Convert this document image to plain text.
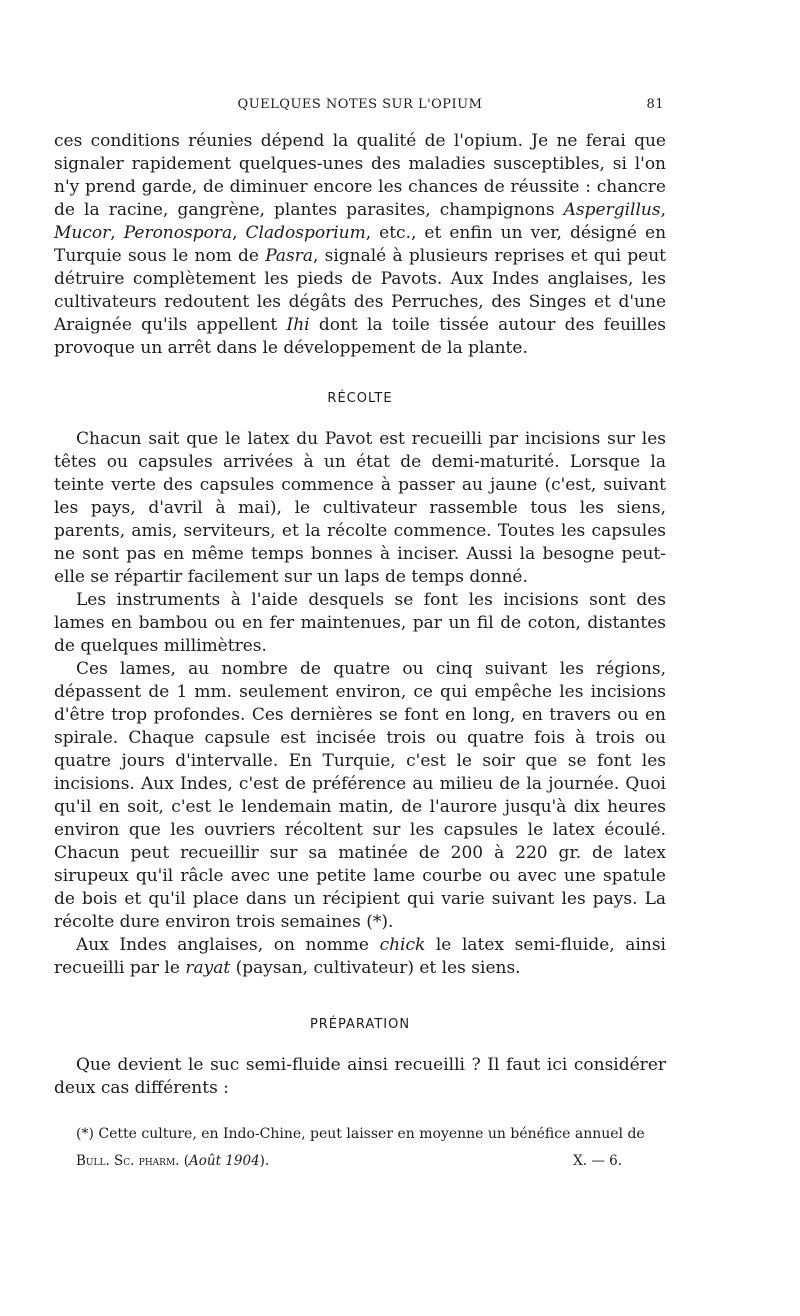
QUELQUES NOTES SUR L'OPIUM	81

ces conditions réunies dépend la qualité de l'opium. Je ne ferai que signaler rapidement quelques-unes des maladies susceptibles, si l'on n'y prend garde, de diminuer encore les chances de réussite : chancre de la racine, gangrène, plantes parasites, champignons Aspergillus, Mucor, Peronospora, Cladosporium, etc., et enfin un ver, désigné en Turquie sous le nom de Pasra, signalé à plusieurs reprises et qui peut détruire complètement les pieds de Pavots. Aux Indes anglaises, les cultivateurs redoutent les dégâts des Perruches, des Singes et d'une Araignée qu'ils appellent Ihi dont la toile tissée autour des feuilles provoque un arrêt dans le développement de la plante.

RÉCOLTE

Chacun sait que le latex du Pavot est recueilli par incisions sur les têtes ou capsules arrivées à un état de demi-maturité. Lorsque la teinte verte des capsules commence à passer au jaune (c'est, suivant les pays, d'avril à mai), le cultivateur rassemble tous les siens, parents, amis, serviteurs, et la récolte commence. Toutes les capsules ne sont pas en même temps bonnes à inciser. Aussi la besogne peut-elle se répartir facilement sur un laps de temps donné.

Les instruments à l'aide desquels se font les incisions sont des lames en bambou ou en fer maintenues, par un fil de coton, distantes de quelques millimètres.

Ces lames, au nombre de quatre ou cinq suivant les régions, dépassent de 1 mm. seulement environ, ce qui empêche les incisions d'être trop profondes. Ces dernières se font en long, en travers ou en spirale. Chaque capsule est incisée trois ou quatre fois à trois ou quatre jours d'intervalle. En Turquie, c'est le soir que se font les incisions. Aux Indes, c'est de préférence au milieu de la journée. Quoi qu'il en soit, c'est le lendemain matin, de l'aurore jusqu'à dix heures environ que les ouvriers récoltent sur les capsules le latex écoulé. Chacun peut recueillir sur sa matinée de 200 à 220 gr. de latex sirupeux qu'il râcle avec une petite lame courbe ou avec une spatule de bois et qu'il place dans un récipient qui varie suivant les pays. La récolte dure environ trois semaines (*).

Aux Indes anglaises, on nomme chick le latex semi-fluide, ainsi recueilli par le rayat (paysan, cultivateur) et les siens.

PRÉPARATION

Que devient le suc semi-fluide ainsi recueilli ? Il faut ici considérer deux cas différents :

(*) Cette culture, en Indo-Chine, peut laisser en moyenne un bénéfice annuel de
Bull. Sc. pharm. (Août 1904).	X. — 6.
